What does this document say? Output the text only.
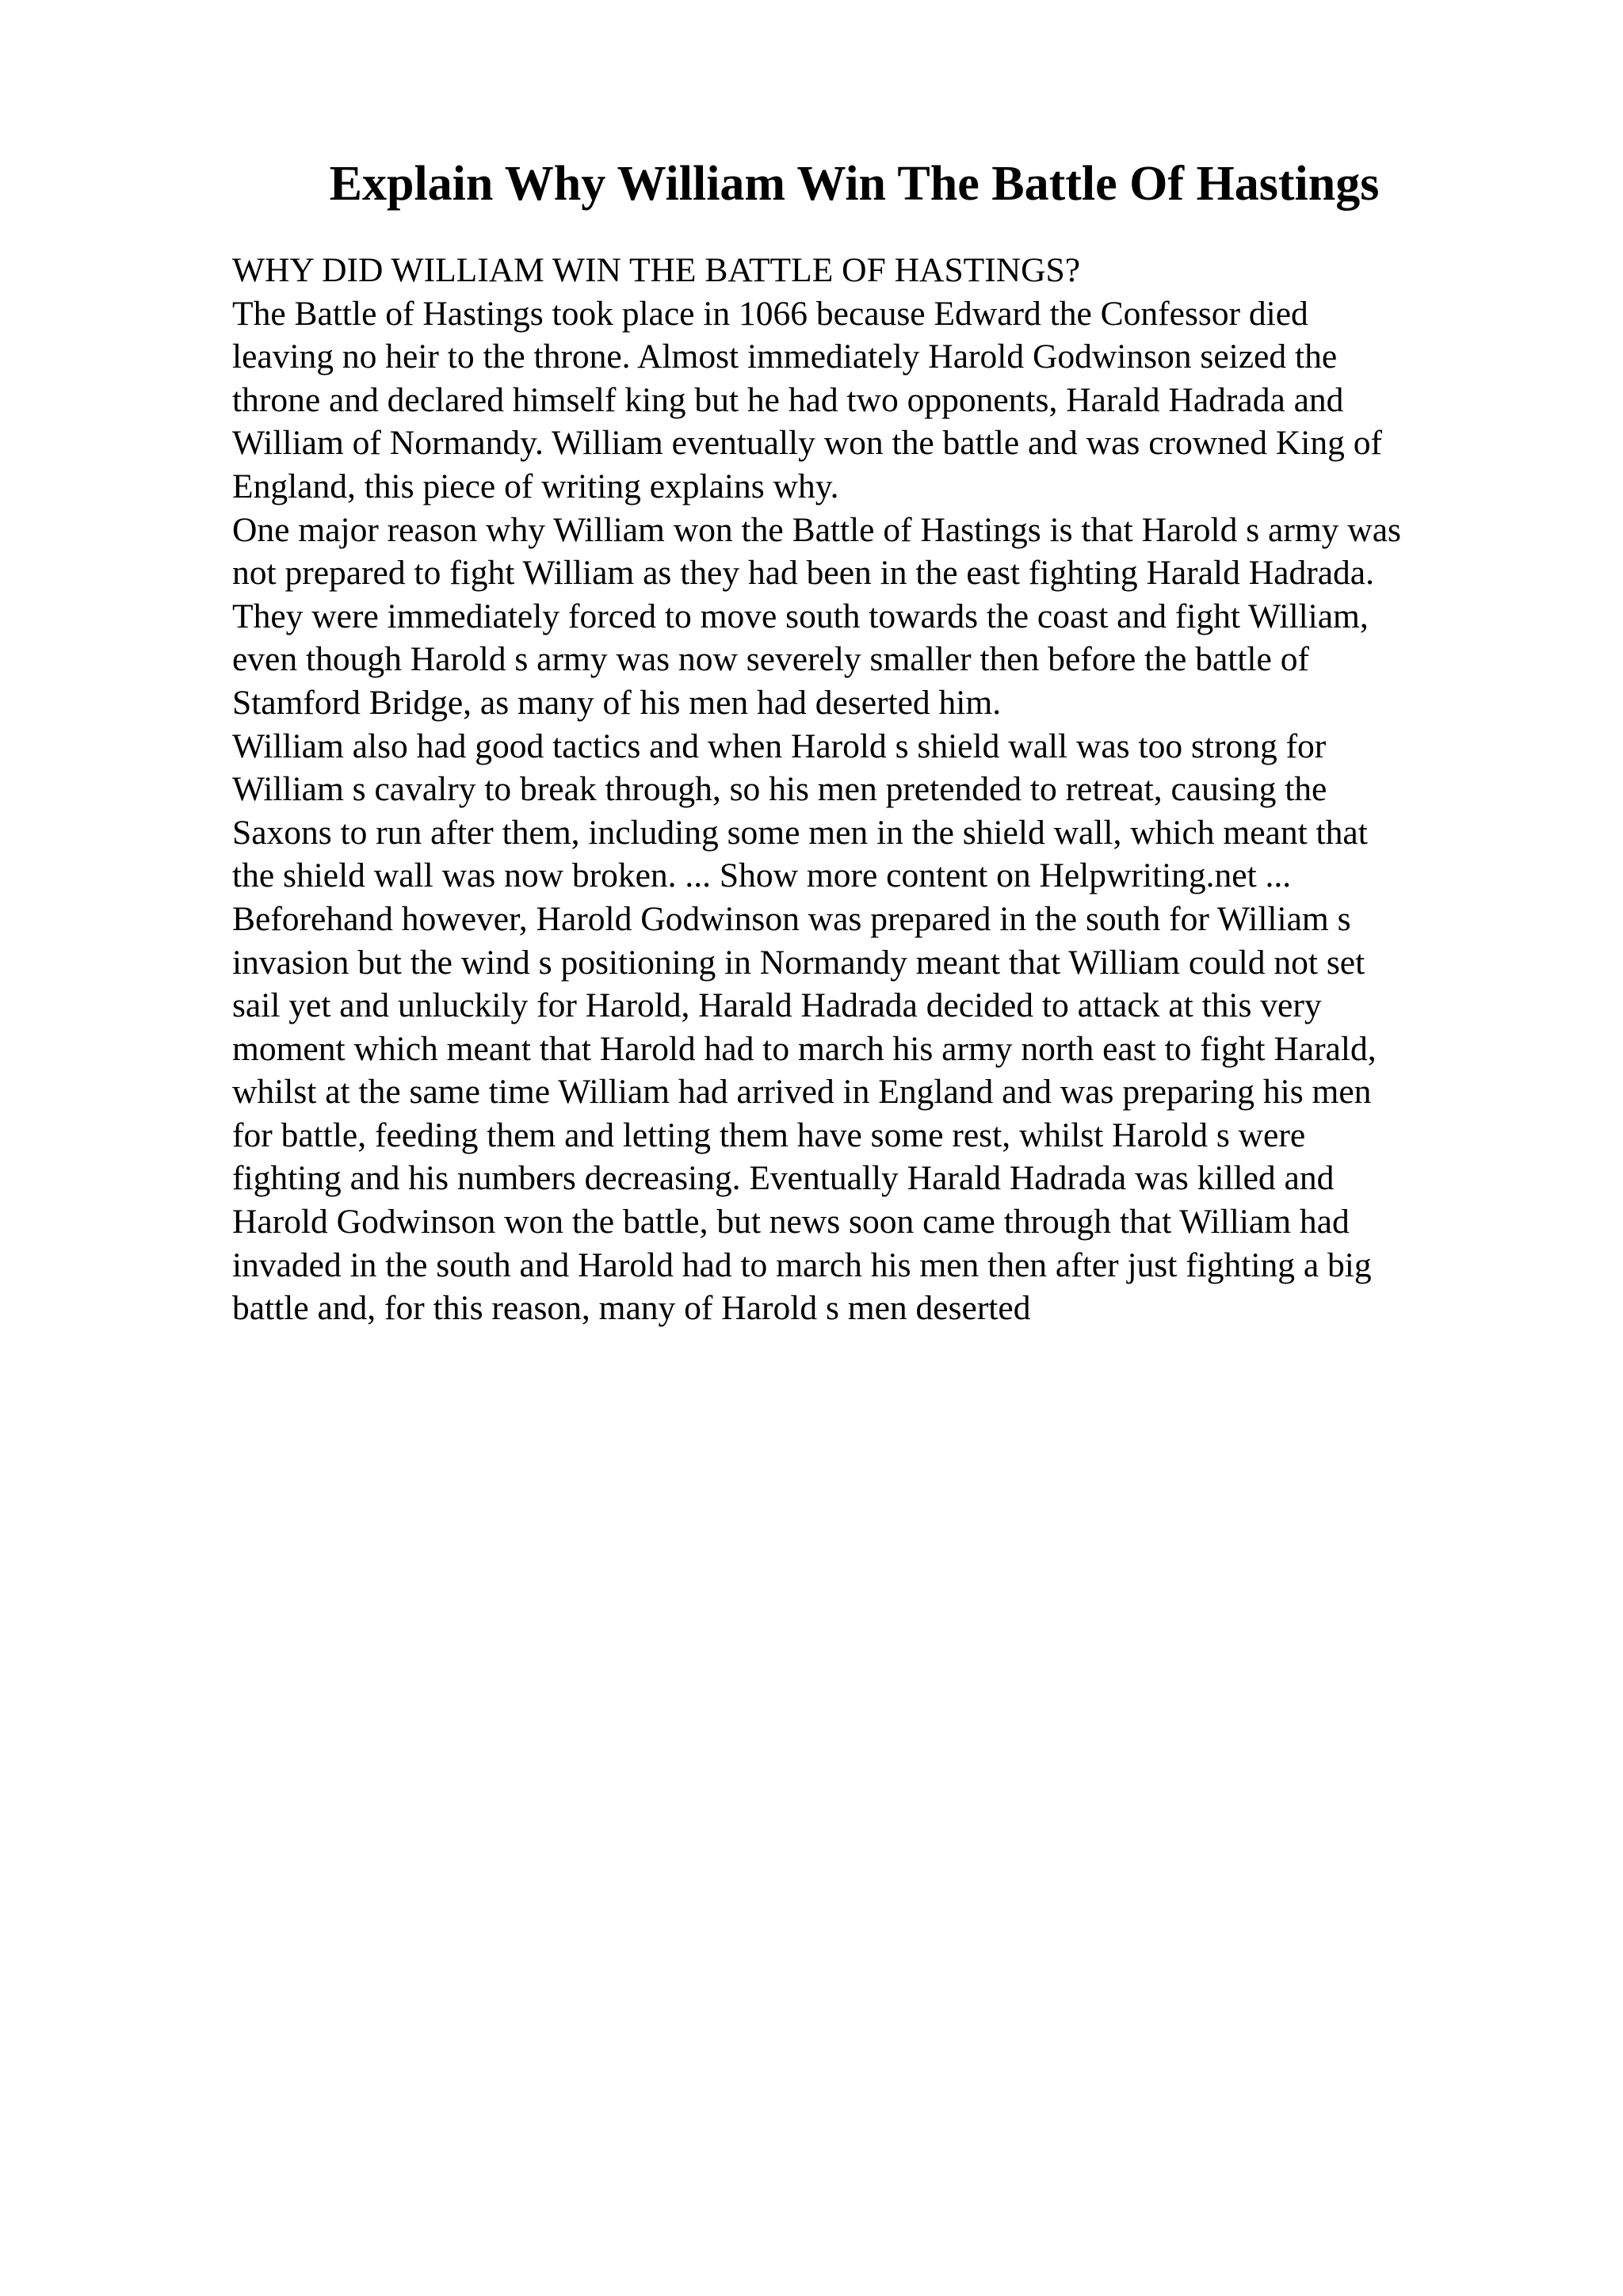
Explain Why William Win The Battle Of Hastings
WHY DID WILLIAM WIN THE BATTLE OF HASTINGS?
The Battle of Hastings took place in 1066 because Edward the Confessor died
leaving no heir to the throne. Almost immediately Harold Godwinson seized the
throne and declared himself king but he had two opponents, Harald Hadrada and
William of Normandy. William eventually won the battle and was crowned King of
England, this piece of writing explains why.
One major reason why William won the Battle of Hastings is that Harold s army was
not prepared to fight William as they had been in the east fighting Harald Hadrada.
They were immediately forced to move south towards the coast and fight William,
even though Harold s army was now severely smaller then before the battle of
Stamford Bridge, as many of his men had deserted him.
William also had good tactics and when Harold s shield wall was too strong for
William s cavalry to break through, so his men pretended to retreat, causing the
Saxons to run after them, including some men in the shield wall, which meant that
the shield wall was now broken. ... Show more content on Helpwriting.net ...
Beforehand however, Harold Godwinson was prepared in the south for William s
invasion but the wind s positioning in Normandy meant that William could not set
sail yet and unluckily for Harold, Harald Hadrada decided to attack at this very
moment which meant that Harold had to march his army north east to fight Harald,
whilst at the same time William had arrived in England and was preparing his men
for battle, feeding them and letting them have some rest, whilst Harold s were
fighting and his numbers decreasing. Eventually Harald Hadrada was killed and
Harold Godwinson won the battle, but news soon came through that William had
invaded in the south and Harold had to march his men then after just fighting a big
battle and, for this reason, many of Harold s men deserted
